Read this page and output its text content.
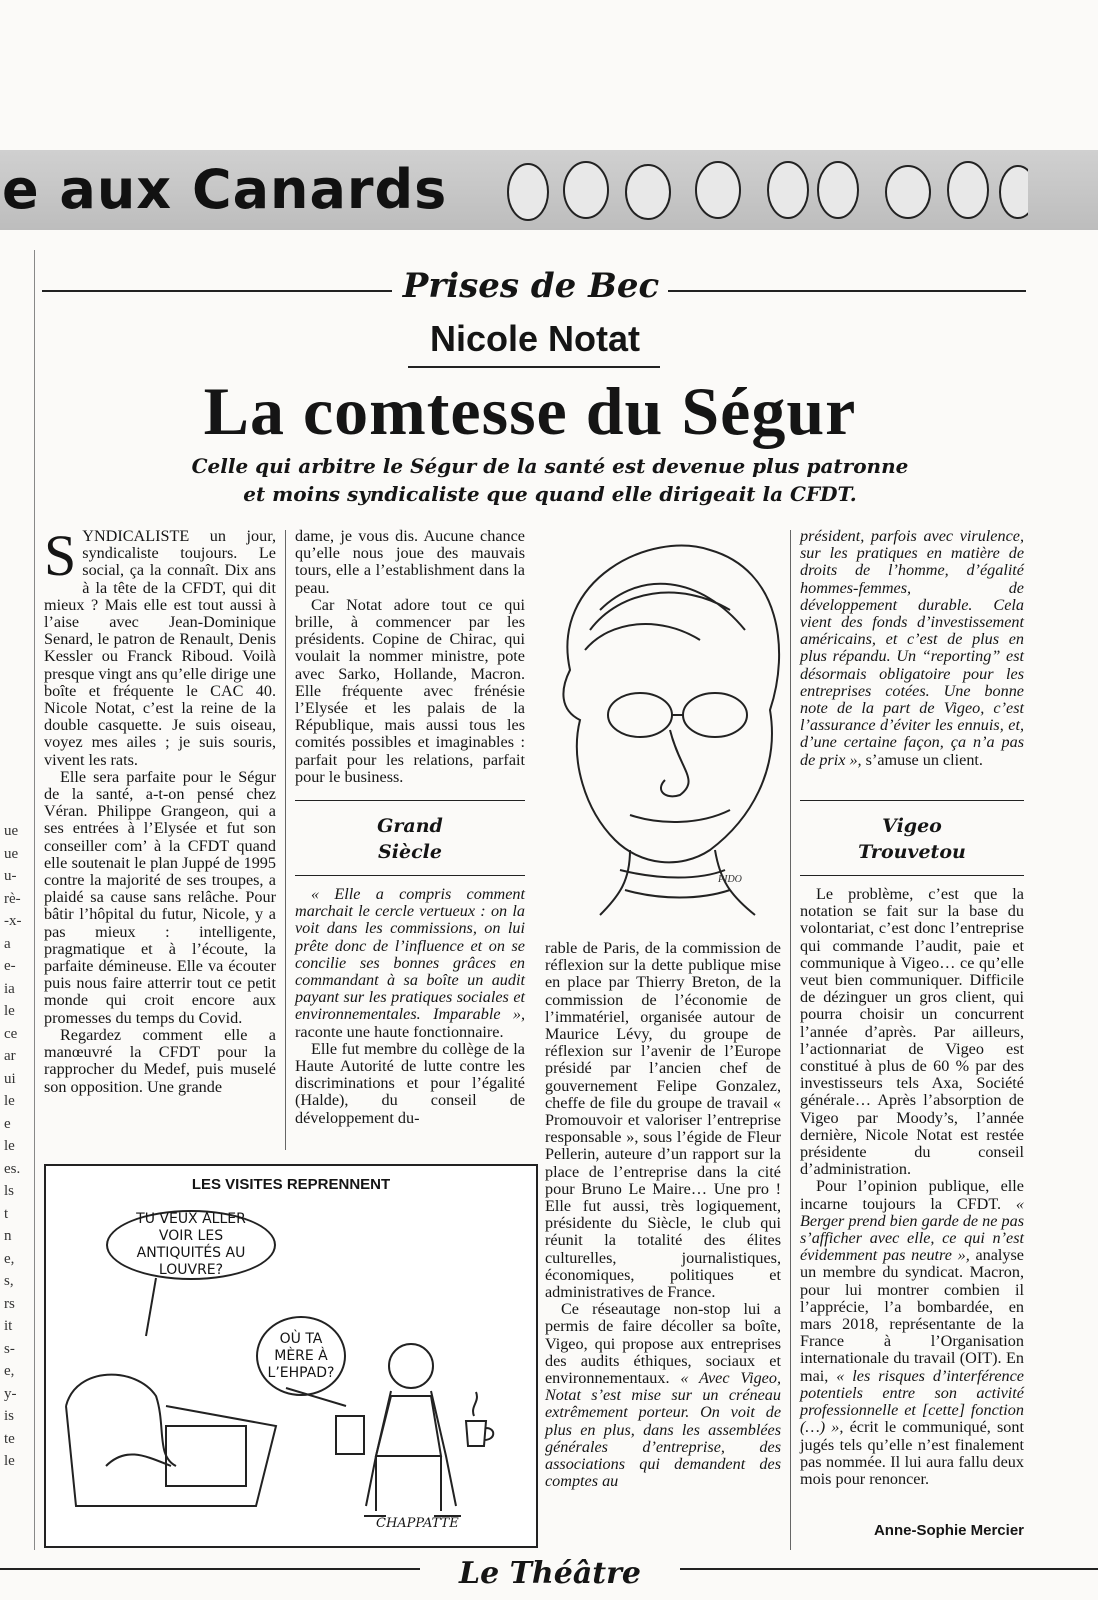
e aux Canards
Prises de Bec
Nicole Notat
La comtesse du Ségur
Celle qui arbitre le Ségur de la santé est devenue plus patronne
et moins syndicaliste que quand elle dirigeait la CFDT.
ue
ue
u-
rè-
-x-
a
e-
ia
le
ce
ar
ui
le
e
le
es.
ls
t
n
e,
s,
rs
it
s-
e,
y-
is
te
le

SYNDICALISTE un jour, syndicaliste toujours. Le social, ça la connaît. Dix ans à la tête de la CFDT, qui dit mieux ? Mais elle est tout aussi à l’aise avec Jean-Dominique Senard, le patron de Renault, Denis Kessler ou Franck Riboud. Voilà presque vingt ans qu’elle dirige une boîte et fréquente le CAC 40. Nicole Notat, c’est la reine de la double casquette. Je suis oiseau, voyez mes ailes ; je suis souris, vivent les rats.

Elle sera parfaite pour le Ségur de la santé, a-t-on pensé chez Véran. Philippe Grangeon, qui a ses entrées à l’Elysée et fut son conseiller com’ à la CFDT quand elle soutenait le plan Juppé de 1995 contre la majorité de ses troupes, a plaidé sa cause sans relâche. Pour bâtir l’hôpital du futur, Nicole, y a pas mieux : intelligente, pragmatique et à l’écoute, la parfaite démineuse. Elle va écouter puis nous faire atterrir tout ce petit monde qui croit encore aux promesses du temps du Covid.

Regardez comment elle a manœuvré la CFDT pour la rapprocher du Medef, puis muselé son opposition. Une grande

dame, je vous dis. Aucune chance qu’elle nous joue des mauvais tours, elle a l’establishment dans la peau.

Car Notat adore tout ce qui brille, à commencer par les présidents. Copine de Chirac, qui voulait la nommer ministre, pote avec Sarko, Hollande, Macron. Elle fréquente avec frénésie l’Elysée et les palais de la République, mais aussi tous les comités possibles et imaginables : parfait pour les relations, parfait pour le business.

Grand
Siècle

« Elle a compris comment marchait le cercle vertueux : on la voit dans les commissions, on lui prête donc de l’influence et on se concilie ses bonnes grâces en commandant à sa boîte un audit payant sur les pratiques sociales et environnementales. Imparable », raconte une haute fonctionnaire.

Elle fut membre du collège de la Haute Autorité de lutte contre les discriminations et pour l’égalité (Halde), du conseil de développement du-

PIDO

rable de Paris, de la commission de réflexion sur la dette publique mise en place par Thierry Breton, de la commission de l’économie de l’immatériel, organisée autour de Maurice Lévy, du groupe de réflexion sur l’avenir de l’Europe présidé par l’ancien chef de gouvernement Felipe Gonzalez, cheffe de file du groupe de travail « Promouvoir et valoriser l’entreprise responsable », sous l’égide de Fleur Pellerin, auteure d’un rapport sur la place de l’entreprise dans la cité pour Bruno Le Maire… Une pro ! Elle fut aussi, très logiquement, présidente du Siècle, le club qui réunit la totalité des élites culturelles, journalistiques, économiques, politiques et administratives de France.

Ce réseautage non-stop lui a permis de faire décoller sa boîte, Vigeo, qui propose aux entreprises des audits éthiques, sociaux et environnementaux. « Avec Vigeo, Notat s’est mise sur un créneau extrêmement porteur. On voit de plus en plus, dans les assemblées générales d’entreprise, des associations qui demandent des comptes au

président, parfois avec virulence, sur les pratiques en matière de droits de l’homme, d’égalité hommes-femmes, de développement durable. Cela vient des fonds d’investissement américains, et c’est de plus en plus répandu. Un “reporting” est désormais obligatoire pour les entreprises cotées. Une bonne note de la part de Vigeo, c’est l’assurance d’éviter les ennuis, et, d’une certaine façon, ça n’a pas de prix », s’amuse un client.

Vigeo
Trouvetou

Le problème, c’est que la notation se fait sur la base du volontariat, c’est donc l’entreprise qui commande l’audit, paie et communique à Vigeo… ce qu’elle veut bien communiquer. Difficile de dézinguer un gros client, qui pourra choisir un concurrent l’année d’après. Par ailleurs, l’actionnariat de Vigeo est constitué à plus de 60 % par des investisseurs tels Axa, Société générale… Après l’absorption de Vigeo par Moody’s, l’année dernière, Nicole Notat est restée présidente du conseil d’administration.

Pour l’opinion publique, elle incarne toujours la CFDT. « Berger prend bien garde de ne pas s’afficher avec elle, ce qui n’est évidemment pas neutre », analyse un membre du syndicat. Macron, pour lui montrer combien il l’apprécie, l’a bombardée, en mars 2018, représentante de la France à l’Organisation internationale du travail (OIT). En mai, « les risques d’interférence potentiels entre son activité professionnelle et [cette] fonction (…) », écrit le communiqué, sont jugés tels qu’elle n’est finalement pas nommée. Il lui aura fallu deux mois pour renoncer.

Anne-Sophie Mercier
LES VISITES REPRENNENT
TU VEUX ALLER VOIR LES ANTIQUITÉS AU LOUVRE?
OÙ TA MÈRE À L’EHPAD?
CHAPPATTE
Le Théâtre
